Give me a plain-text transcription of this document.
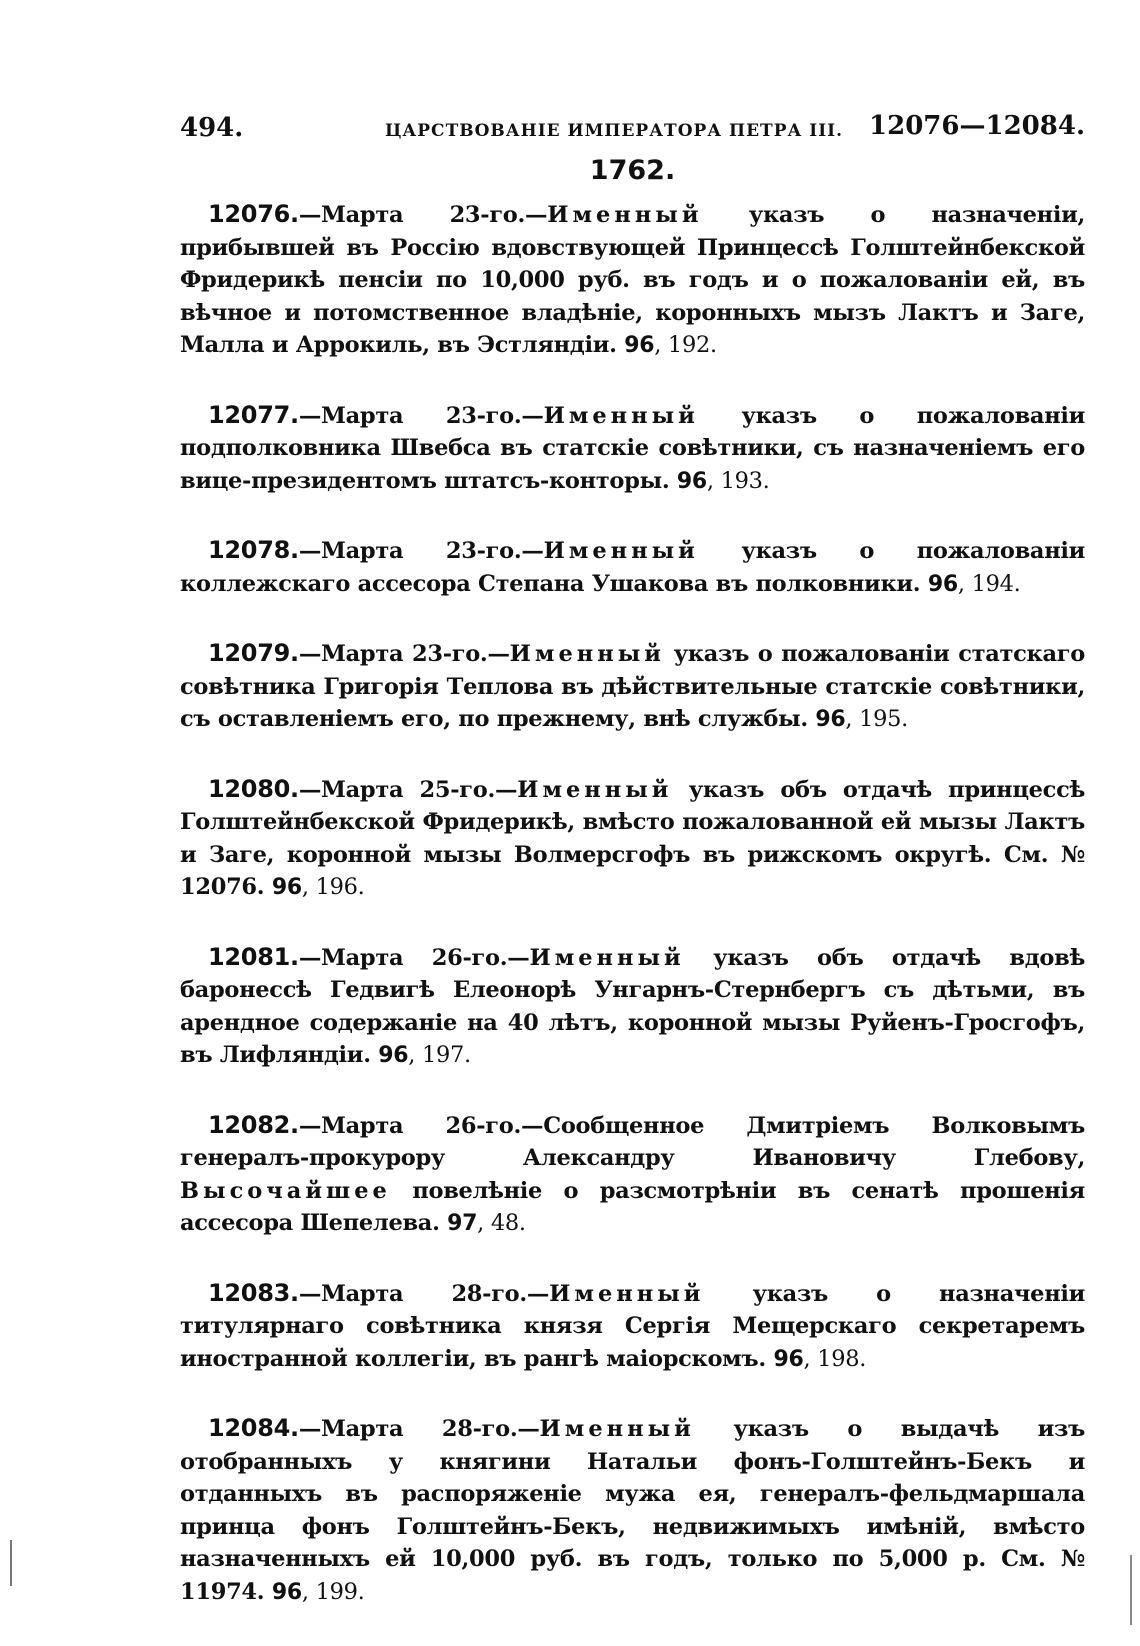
494.	ЦАРСТВОВАНІЕ ИМПЕРАТОРА ПЕТРА III. 12076—12084.
1762.
12076.—Марта 23-го.—Именный указъ о назначеніи, прибывшей въ Россію вдовствующей Принцессѣ Голштейнбекской Фридерикѣ пенсіи по 10,000 руб. въ годъ и о пожалованіи ей, въ вѣчное и потомственное владѣніе, коронныхъ мызъ Лактъ и Заге, Малла и Аррокиль, въ Эстляндіи. 96, 192.
12077.—Марта 23-го.—Именный указъ о пожалованіи подполковника Швебса въ статскіе совѣтники, съ назначеніемъ его вице-президентомъ штатсъ-конторы. 96, 193.
12078.—Марта 23-го.—Именный указъ о пожалованіи коллежскаго ассесора Степана Ушакова въ полковники. 96, 194.
12079.—Марта 23-го.—Именный указъ о пожалованіи статскаго совѣтника Григорія Теплова въ дѣйствительные статскіе совѣтники, съ оставленіемъ его, по прежнему, внѣ службы. 96, 195.
12080.—Марта 25-го.—Именный указъ объ отдачѣ принцессѣ Голштейнбекской Фридерикѣ, вмѣсто пожалованной ей мызы Лактъ и Заге, коронной мызы Волмерсгофъ въ рижскомъ округѣ. См. № 12076. 96, 196.
12081.—Марта 26-го.—Именный указъ объ отдачѣ вдовѣ баронессѣ Гедвигѣ Елеонорѣ Унгарнъ-Стернбергъ съ дѣтьми, въ арендное содержаніе на 40 лѣтъ, коронной мызы Руйенъ-Гросгофъ, въ Лифляндіи. 96, 197.
12082.—Марта 26-го.—Сообщенное Дмитріемъ Волковымъ генералъ-прокурору Александру Ивановичу Глебову, Высочайшее повелѣніе о разсмотрѣніи въ сенатѣ прошенія ассесора Шепелева. 97, 48.
12083.—Марта 28-го.—Именный указъ о назначеніи титулярнаго совѣтника князя Сергія Мещерскаго секретаремъ иностранной коллегіи, въ рангѣ маіорскомъ. 96, 198.
12084.—Марта 28-го.—Именный указъ о выдачѣ изъ отобранныхъ у княгини Натальи фонъ-Голштейнъ-Бекъ и отданныхъ въ распоряженіе мужа ея, генералъ-фельдмаршала принца фонъ Голштейнъ-Бекъ, недвижимыхъ имѣній, вмѣсто назначенныхъ ей 10,000 руб. въ годъ, только по 5,000 р. См. № 11974. 96, 199.
